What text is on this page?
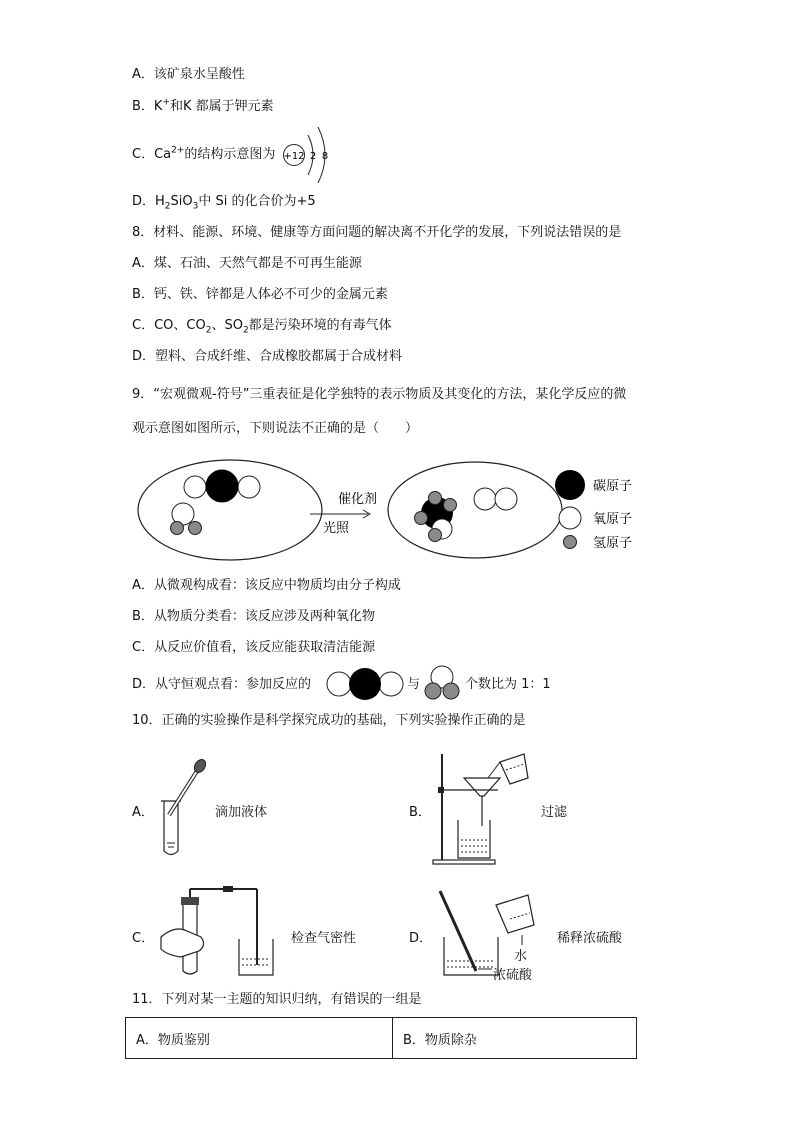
A．该矿泉水呈酸性
B．K+和K 都属于钾元素
C．$Ca^{2+}$的结构示意图为 +12 2 8
D．$H_2SiO_3$中 Si 的化合价为+5
8．材料、能源、环境、健康等方面问题的解决离不开化学的发展，下列说法错误的是
A．煤、石油、天然气都是不可再生能源
B．钙、铁、锌都是人体必不可少的金属元素
C．CO、$CO_2$、$SO_2$都是污染环境的有毒气体
D．塑料、合成纤维、合成橡胶都属于合成材料
9．“宏观微观-符号”三重表征是化学独特的表示物质及其变化的方法，某化学反应的微
观示意图如图所示，下则说法不正确的是（　　）
催化剂
光照
碳原子
氧原子
氢原子
A．从微观构成看：该反应中物质均由分子构成
B．从物质分类看：该反应涉及两种氧化物
C．从反应价值看，该反应能获取清洁能源
D．从守恒观点看：参加反应的	与	个数比为 1：1
10．正确的实验操作是科学探究成功的基础，下列实验操作正确的是
A．	滴加液体	B．	过滤
C．	检查气密性	D．
水
浓硫酸
稀释浓硫酸
11．下列对某一主题的知识归纳，有错误的一组是
A．物质鉴别	B．物质除杂
